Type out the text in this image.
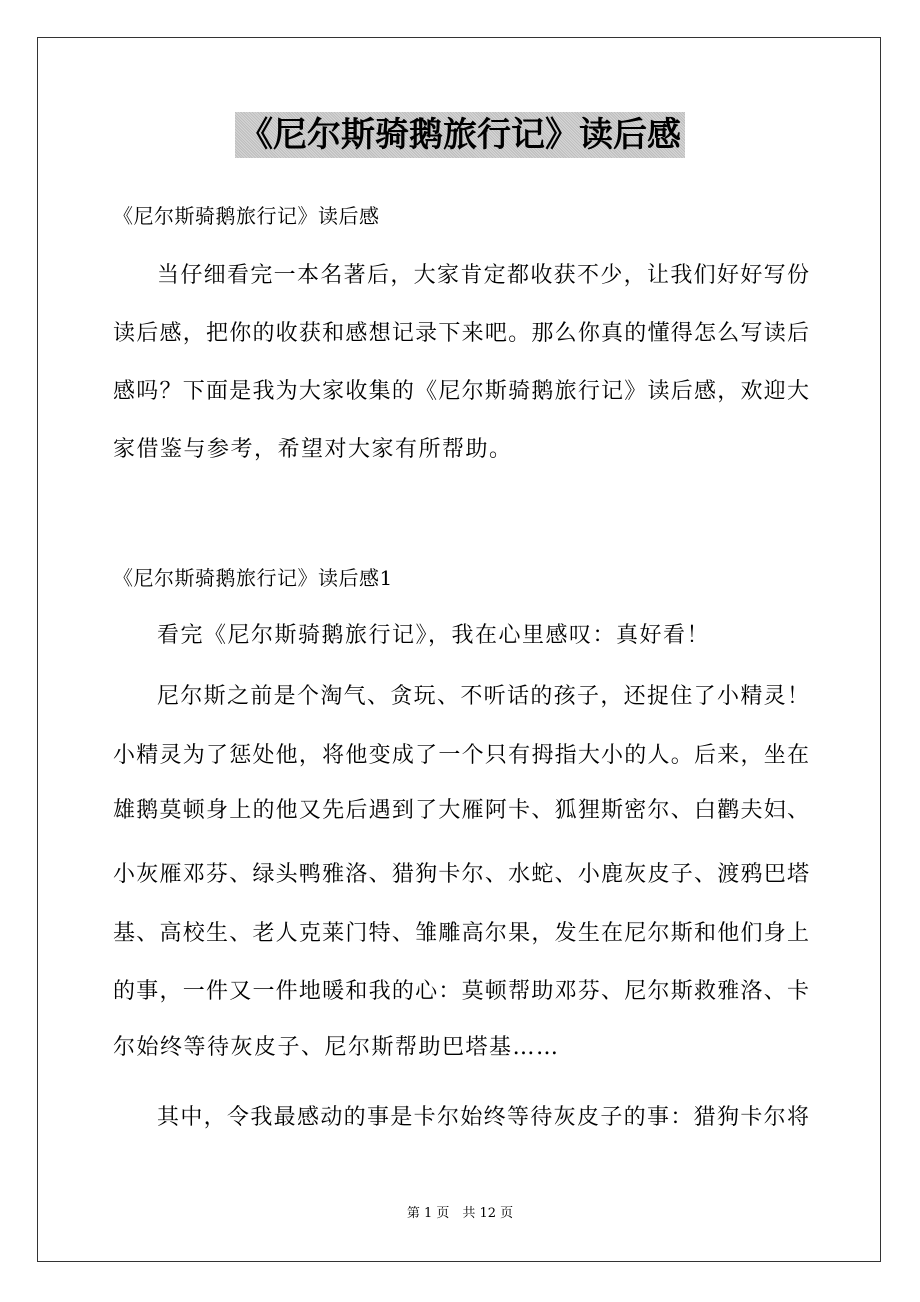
《尼尔斯骑鹅旅行记》读后感
《尼尔斯骑鹅旅行记》读后感
当仔细看完一本名著后，大家肯定都收获不少，让我们好好写份
读后感，把你的收获和感想记录下来吧。那么你真的懂得怎么写读后
感吗？下面是我为大家收集的《尼尔斯骑鹅旅行记》读后感，欢迎大
家借鉴与参考，希望对大家有所帮助。
《尼尔斯骑鹅旅行记》读后感1
看完《尼尔斯骑鹅旅行记》，我在心里感叹：真好看！
尼尔斯之前是个淘气、贪玩、不听话的孩子，还捉住了小精灵！
小精灵为了惩处他，将他变成了一个只有拇指大小的人。后来，坐在
雄鹅莫顿身上的他又先后遇到了大雁阿卡、狐狸斯密尔、白鹳夫妇、
小灰雁邓芬、绿头鸭雅洛、猎狗卡尔、水蛇、小鹿灰皮子、渡鸦巴塔
基、高校生、老人克莱门特、雏雕高尔果，发生在尼尔斯和他们身上
的事，一件又一件地暖和我的心：莫顿帮助邓芬、尼尔斯救雅洛、卡
尔始终等待灰皮子、尼尔斯帮助巴塔基……
其中，令我最感动的事是卡尔始终等待灰皮子的事：猎狗卡尔将
第 1 页　共 12 页
